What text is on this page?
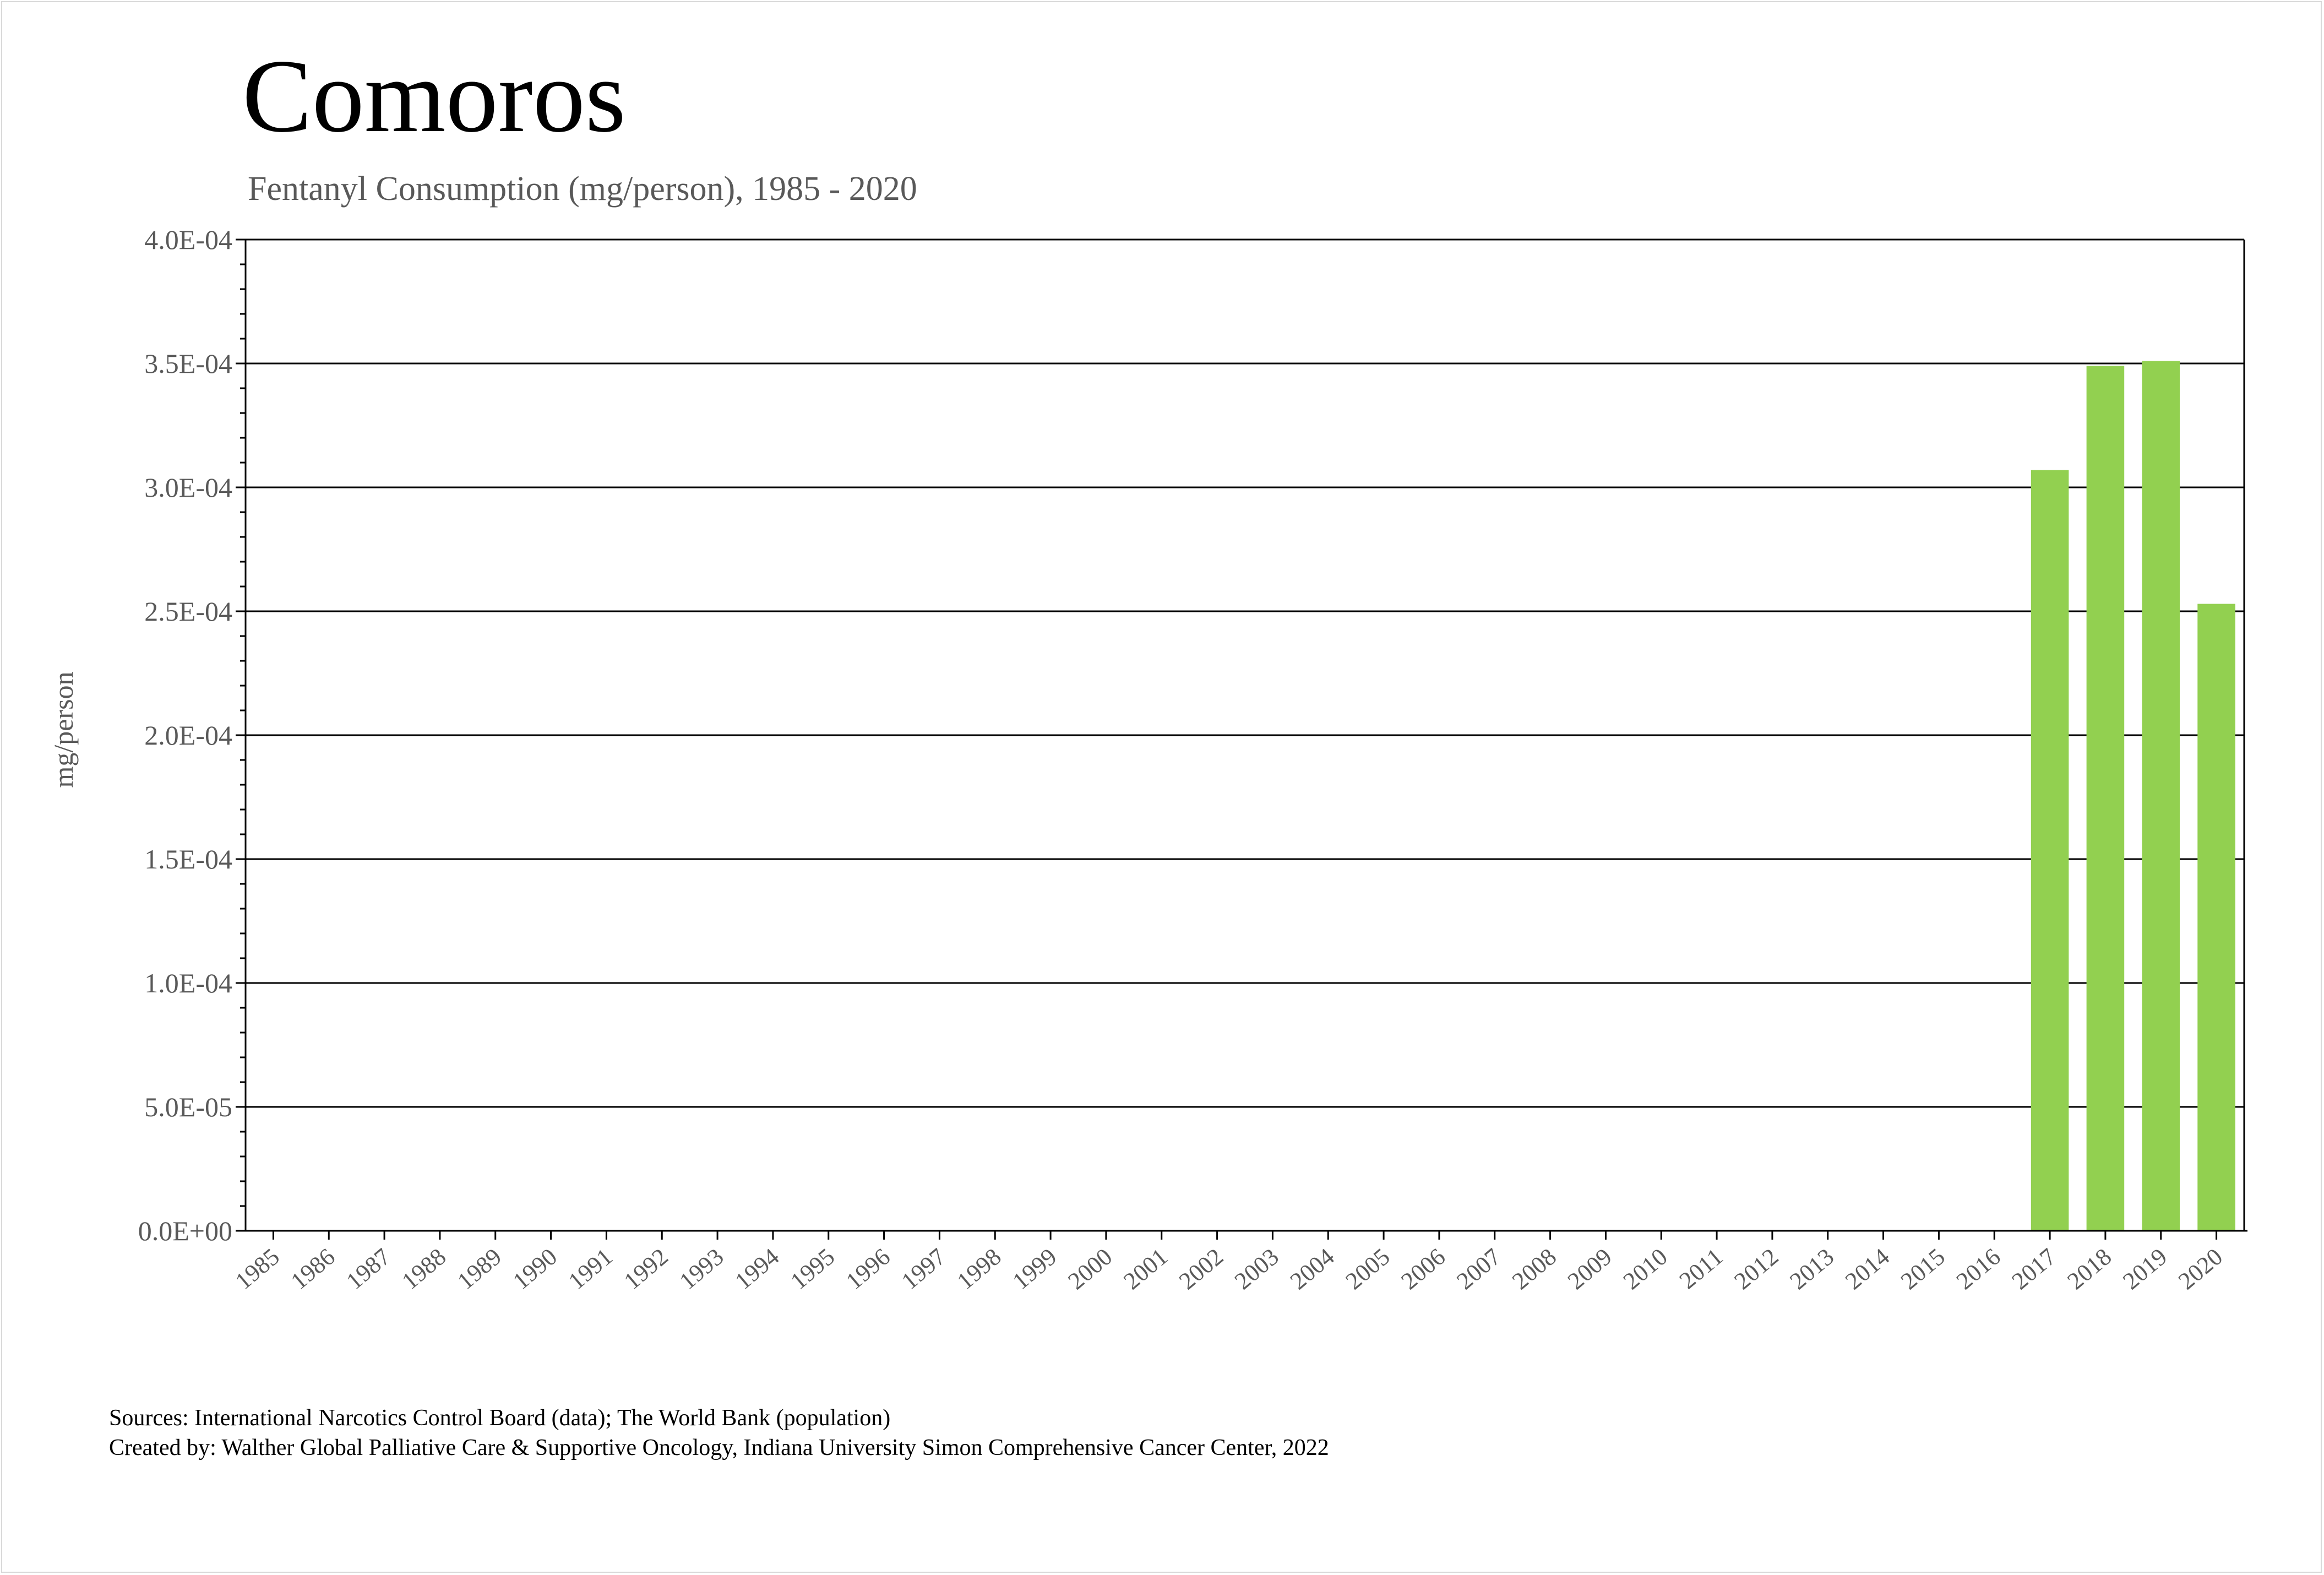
Comoros
Fentanyl Consumption (mg/person), 1985 - 2020
0.0E+00
5.0E-05
1.0E-04
1.5E-04
2.0E-04
2.5E-04
3.0E-04
3.5E-04
4.0E-04
1985 1986 1987 1988 1989 1990 1991 1992 1993 1994 1995 1996 1997 1998 1999 2000 2001 2002 2003 2004 2005 2006 2007 2008 2009 2010 2011 2012 2013 2014 2015 2016 2017 2018 2019 2020
mg/person
Sources: International Narcotics Control Board (data); The World Bank (population)
Created by: Walther Global Palliative Care & Supportive Oncology, Indiana University Simon Comprehensive Cancer Center, 2022
